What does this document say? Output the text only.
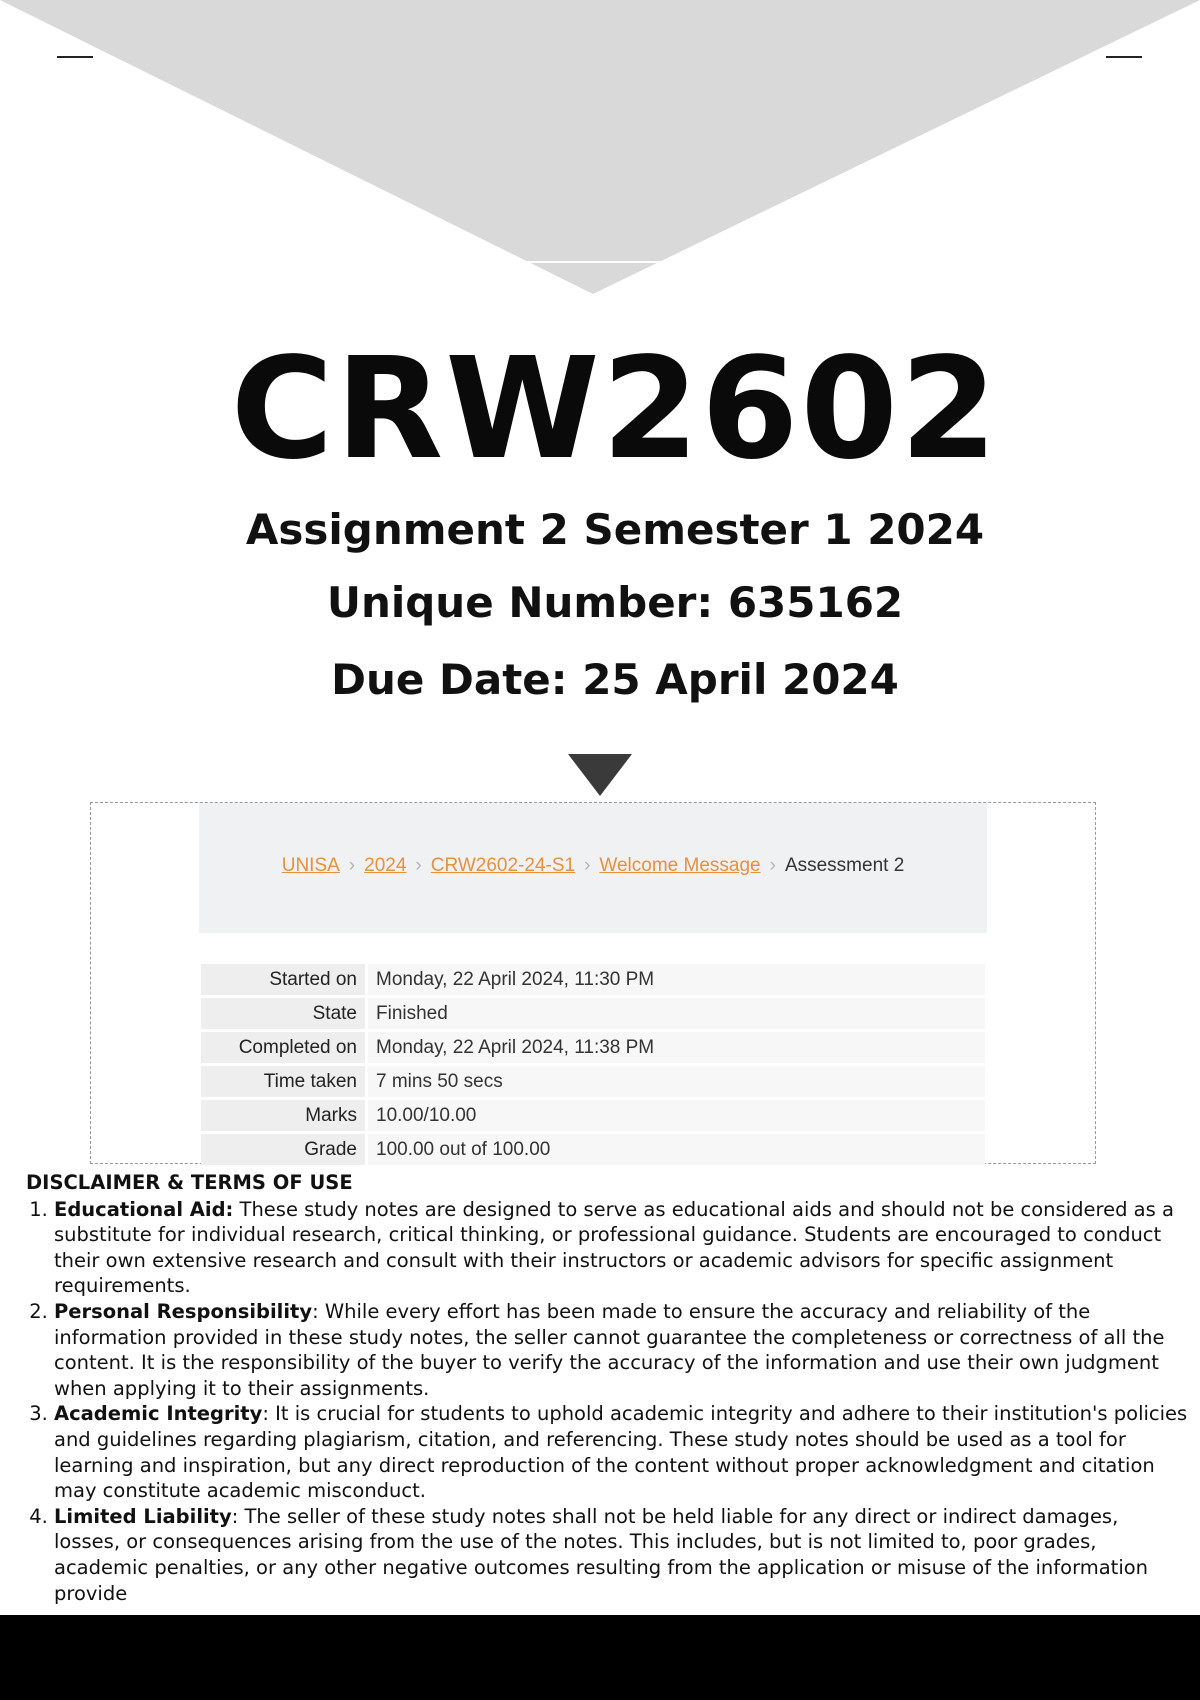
CRW2602
Assignment 2 Semester 1 2024
Unique Number: 635162
Due Date: 25 April 2024
UNISA › 2024 › CRW2602-24-S1 › Welcome Message › Assessment 2
Started on	Monday, 22 April 2024, 11:30 PM
State	Finished
Completed on	Monday, 22 April 2024, 11:38 PM
Time taken	7 mins 50 secs
Marks	10.00/10.00
Grade	100.00 out of 100.00
DISCLAIMER & TERMS OF USE
1. Educational Aid: These study notes are designed to serve as educational aids and should not be considered as a substitute for individual research, critical thinking, or professional guidance. Students are encouraged to conduct their own extensive research and consult with their instructors or academic advisors for specific assignment requirements.
2. Personal Responsibility: While every effort has been made to ensure the accuracy and reliability of the information provided in these study notes, the seller cannot guarantee the completeness or correctness of all the content. It is the responsibility of the buyer to verify the accuracy of the information and use their own judgment when applying it to their assignments.
3. Academic Integrity: It is crucial for students to uphold academic integrity and adhere to their institution's policies and guidelines regarding plagiarism, citation, and referencing. These study notes should be used as a tool for learning and inspiration, but any direct reproduction of the content without proper acknowledgment and citation may constitute academic misconduct.
4. Limited Liability: The seller of these study notes shall not be held liable for any direct or indirect damages, losses, or consequences arising from the use of the notes. This includes, but is not limited to, poor grades, academic penalties, or any other negative outcomes resulting from the application or misuse of the information provide
